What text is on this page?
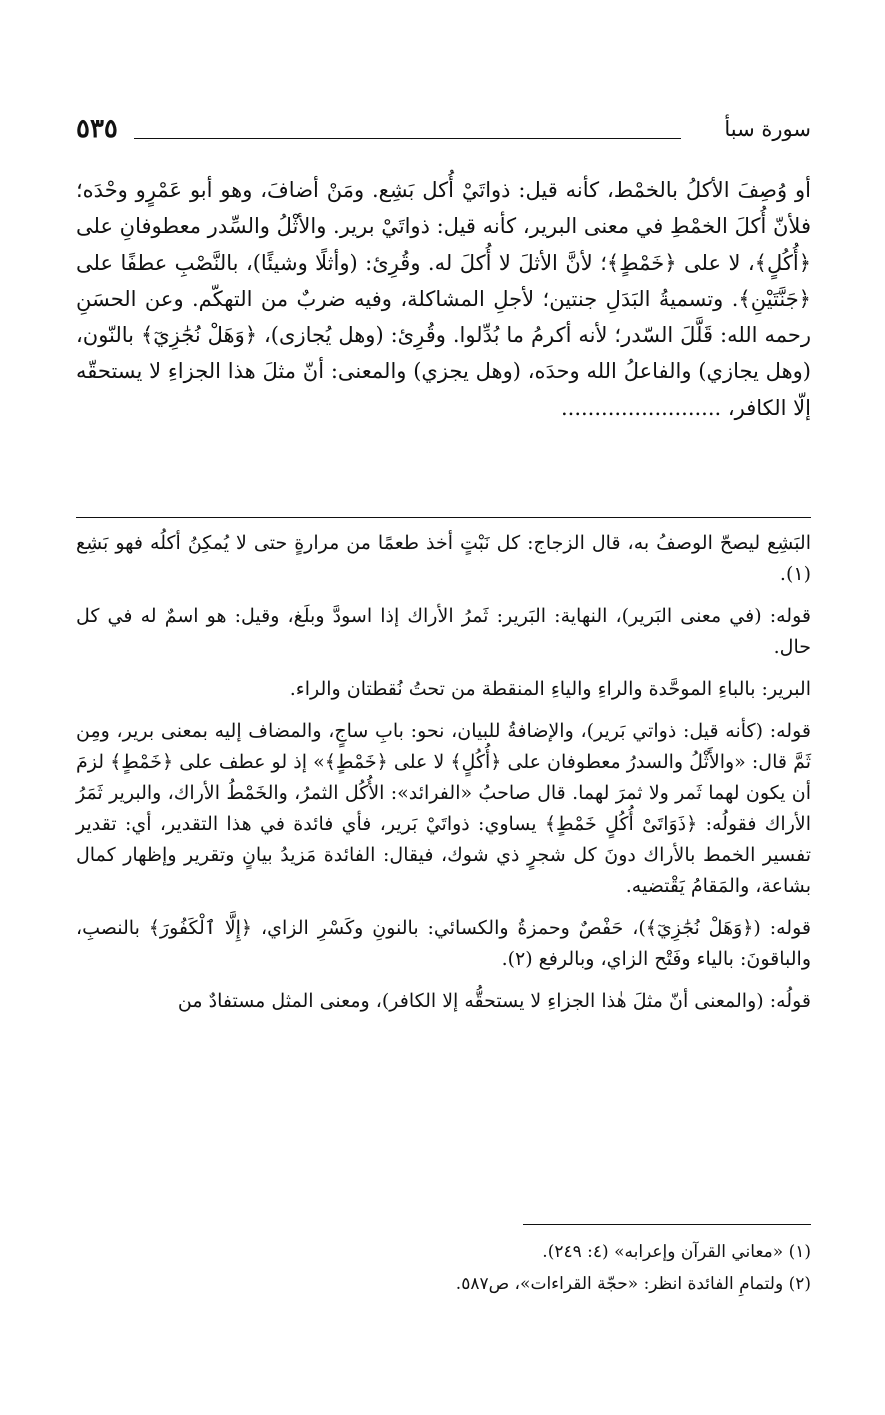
٥٣٥	سورة سبأ

أو وُصِفَ الأكلُ بالخمْط، كأنه قيل: ذواتَيْ أُكل بَشِع. ومَنْ أضافَ، وهو أبو عَمْرٍو وحْدَه؛ فلأنّ أُكلَ الخمْطِ في معنى البرير، كأنه قيل: ذواتَيْ برير. والأثْلُ والسِّدر معطوفانِ على ﴿أُكُلٍ﴾، لا على ﴿خَمْطٍ﴾؛ لأنَّ الأثلَ لا أُكلَ له. وقُرِئ: (وأثلًا وشيئًا)، بالنَّصْبِ عطفًا على ﴿جَنَّتَيْنِ﴾. وتسميةُ البَدَلِ جنتين؛ لأجلِ المشاكلة، وفيه ضربٌ من التهكّم. وعن الحسَنِ رحمه الله: قَلَّلَ السّدر؛ لأنه أكرمُ ما بُدِّلوا. وقُرِئ: (وهل يُجازى)، ﴿وَهَلْ نُجَٰزِيٓ﴾ بالنّون، (وهل يجازي) والفاعلُ الله وحدَه، (وهل يجزي) والمعنى: أنّ مثلَ هذا الجزاءِ لا يستحقّه إلّا الكافر، ........................

البَشِع ليصحّ الوصفُ به، قال الزجاج: كل نَبْتٍ أخذ طعمًا من مرارةٍ حتى لا يُمكِنُ أكلُه فهو بَشِع (١).

قوله: (في معنى البَرير)، النهاية: البَرير: ثَمرُ الأراك إذا اسودَّ وبلَغ، وقيل: هو اسمٌ له في كل حال.

البرير: بالباءِ الموحَّدة والراءِ والياءِ المنقطة من تحتُ نُقطتان والراء.

قوله: (كأنه قيل: ذواتي بَرير)، والإضافةُ للبيان، نحو: بابِ ساجٍ، والمضاف إليه بمعنى برير، ومِن ثَمَّ قال: «والأَثْلُ والسدرُ معطوفان على ﴿أُكُلٍ﴾ لا على ﴿خَمْطٍ﴾» إذ لو عطف على ﴿خَمْطٍ﴾ لزمَ أن يكون لهما ثَمر ولا ثمرَ لهما. قال صاحبُ «الفرائد»: الأُكُل الثمرُ، والخَمْطُ الأراك، والبرير ثَمَرُ الأراك فقولُه: ﴿ذَوَاتَىْ أُكُلٍ خَمْطٍ﴾ يساوي: ذواتَيْ بَرير، فأي فائدة في هذا التقدير، أي: تقدير تفسير الخمط بالأراك دونَ كل شجرٍ ذي شوك، فيقال: الفائدة مَزيدُ بيانٍ وتقرير وإظهار كمال بشاعة، والمَقامُ يَقْتضيه.

قوله: (﴿وَهَلْ نُجَٰزِيٓ﴾)، حَفْصٌ وحمزةُ والكسائي: بالنونِ وكَسْرِ الزاي، ﴿إِلَّا ٱلْكَفُورَ﴾ بالنصبِ، والباقونَ: بالياء وفَتْح الزاي، وبالرفع (٢).

قولُه: (والمعنى أنّ مثلَ هٰذا الجزاءِ لا يستحقُّه إلا الكافر)، ومعنى المثل مستفادٌ من

(١) «معاني القرآن وإعرابه» (٤: ٢٤٩).

(٢) ولتمامِ الفائدة انظر: «حجّة القراءات»، ص٥٨٧.
